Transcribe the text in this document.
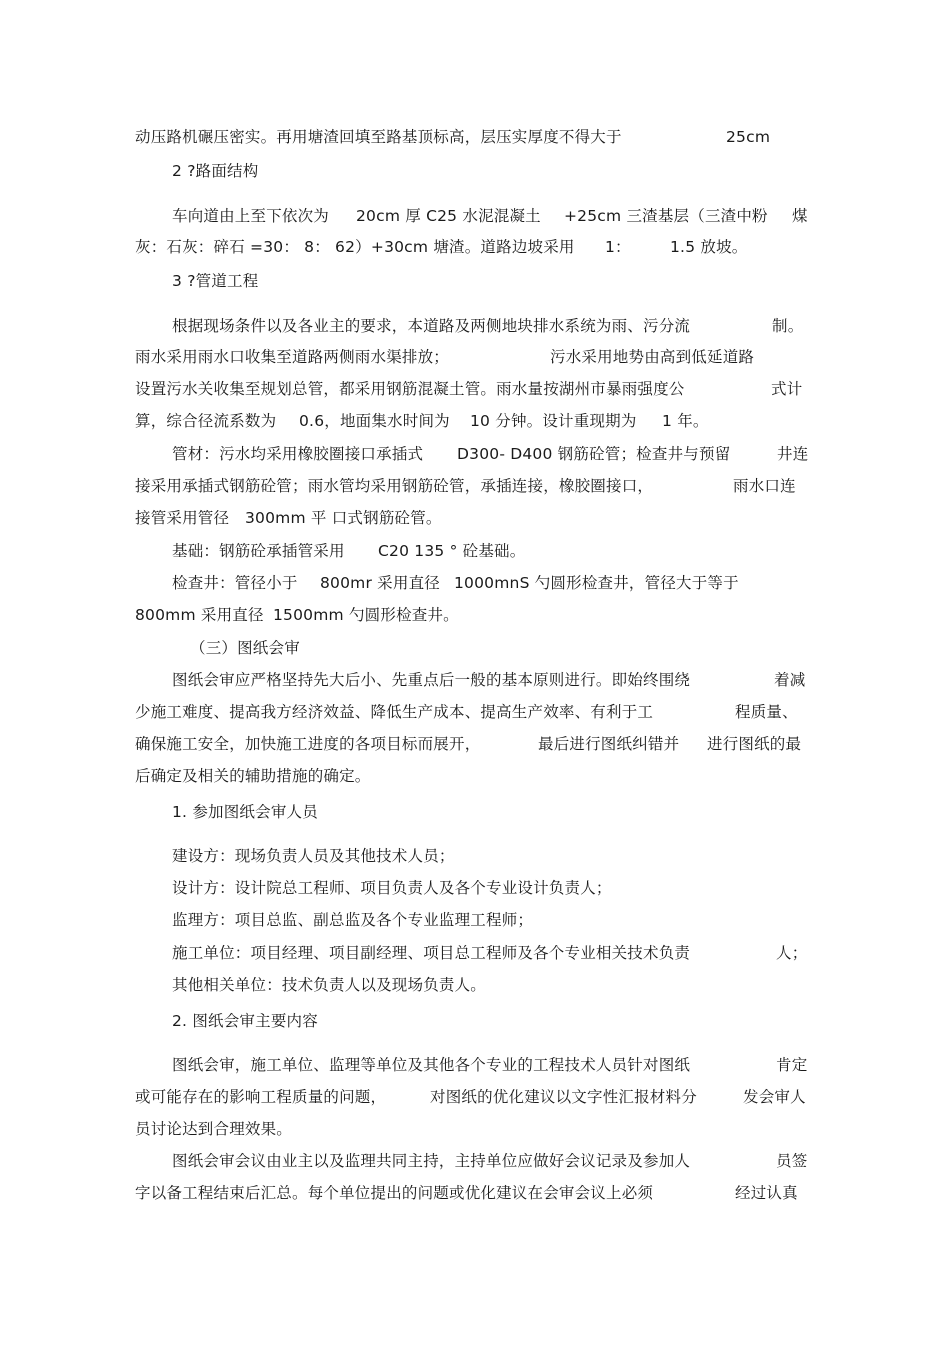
动压路机碾压密实。再用塘渣回填至路基顶标高，层压实厚度不得大于	25cm
2 ?路面结构
车向道由上至下依次为 20cm 厚 C25 水泥混凝土 +25cm 三渣基层（三渣中粉 煤
灰：石灰：碎石 =30： 8： 62）+30cm 塘渣。道路边坡采用 1：	1.5 放坡。
3 ?管道工程
根据现场条件以及各业主的要求，本道路及两侧地块排水系统为雨、污分流	制。
雨水采用雨水口收集至道路两侧雨水渠排放；	污水采用地势由高到低延道路
设置污水关收集至规划总管，都采用钢筋混凝土管。雨水量按湖州市暴雨强度公	式计
算，综合径流系数为 0.6，地面集水时间为 10 分钟。设计重现期为 1 年。
管材：污水均采用橡胶圈接口承插式 D300- D400 钢筋砼管；检查井与预留	井连
接采用承插式钢筋砼管；雨水管均采用钢筋砼管，承插连接，橡胶圈接口，	雨水口连
接管采用管径 300mm 平 口式钢筋砼管。
基础：钢筋砼承插管采用 C20 135 ° 砼基础。
检查井：管径小于 800mr 采用直径 1000mnS 勺圆形检查井，管径大于等于
800mm 采用直径 1500mm 勺圆形检查井。
（三）图纸会审
图纸会审应严格坚持先大后小、先重点后一般的基本原则进行。即始终围绕	着减
少施工难度、提高我方经济效益、降低生产成本、提高生产效率、有利于工	程质量、
确保施工安全，加快施工进度的各项目标而展开，	最后进行图纸纠错并 进行图纸的最
后确定及相关的辅助措施的确定。
1. 参加图纸会审人员
建设方：现场负责人员及其他技术人员；
设计方：设计院总工程师、项目负责人及各个专业设计负责人；
监理方：项目总监、副总监及各个专业监理工程师；
施工单位：项目经理、项目副经理、项目总工程师及各个专业相关技术负责	人；
其他相关单位：技术负责人以及现场负责人。
2. 图纸会审主要内容
图纸会审，施工单位、监理等单位及其他各个专业的工程技术人员针对图纸	肯定
或可能存在的影响工程质量的问题，	对图纸的优化建议以文字性汇报材料分	发会审人
员讨论达到合理效果。
图纸会审会议由业主以及监理共同主持，主持单位应做好会议记录及参加人	员签
字以备工程结束后汇总。每个单位提出的问题或优化建议在会审会议上必须	经过认真
